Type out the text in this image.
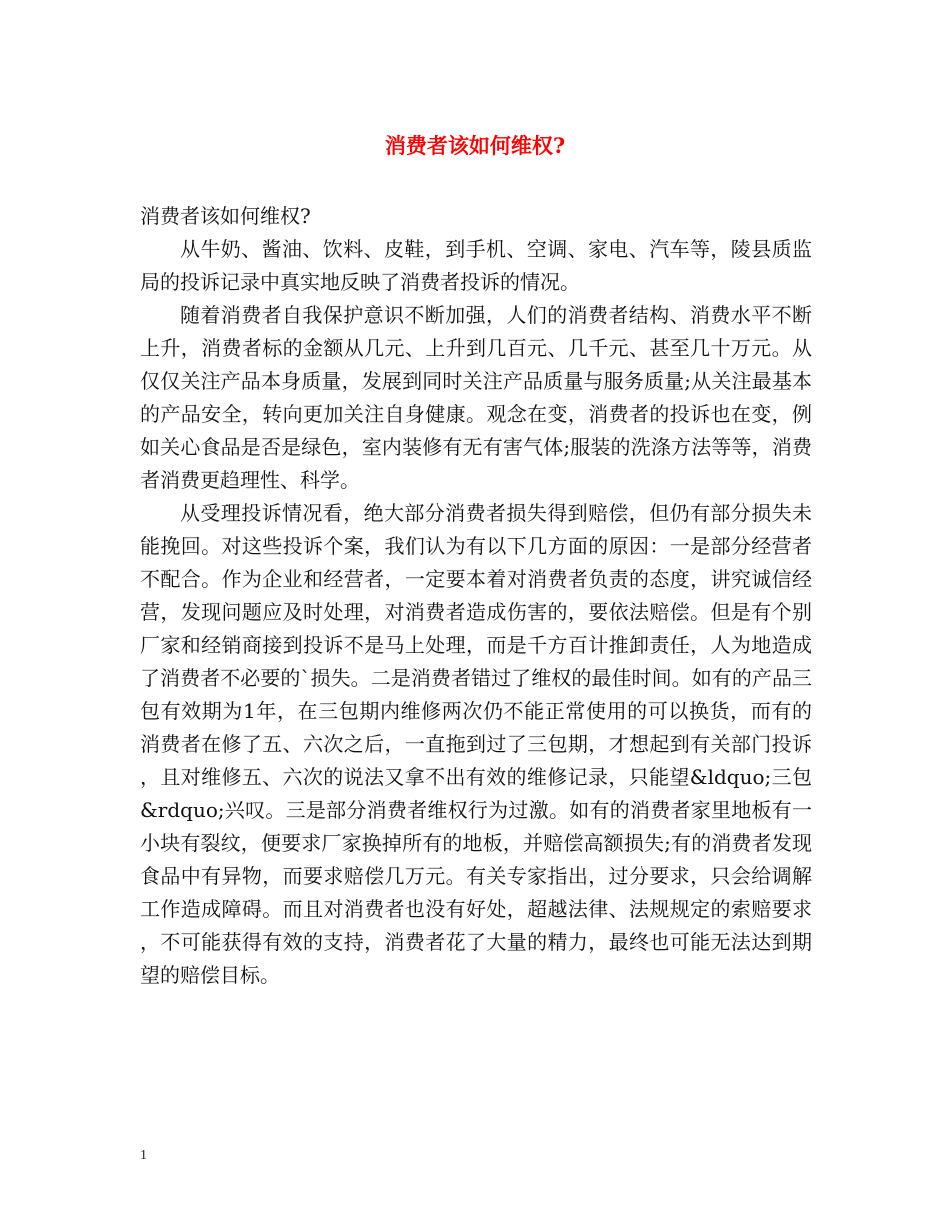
消费者该如何维权?

消费者该如何维权?

从牛奶、酱油、饮料、皮鞋，到手机、空调、家电、汽车等，陵县质监局的投诉记录中真实地反映了消费者投诉的情况。

随着消费者自我保护意识不断加强，人们的消费者结构、消费水平不断上升，消费者标的金额从几元、上升到几百元、几千元、甚至几十万元。从仅仅关注产品本身质量，发展到同时关注产品质量与服务质量;从关注最基本的产品安全，转向更加关注自身健康。观念在变，消费者的投诉也在变，例如关心食品是否是绿色，室内装修有无有害气体;服装的洗涤方法等等，消费者消费更趋理性、科学。

从受理投诉情况看，绝大部分消费者损失得到赔偿，但仍有部分损失未能挽回。对这些投诉个案，我们认为有以下几方面的原因：一是部分经营者不配合。作为企业和经营者，一定要本着对消费者负责的态度，讲究诚信经营，发现问题应及时处理，对消费者造成伤害的，要依法赔偿。但是有个别厂家和经销商接到投诉不是马上处理，而是千方百计推卸责任，人为地造成了消费者不必要的`损失。二是消费者错过了维权的最佳时间。如有的产品三包有效期为1年，在三包期内维修两次仍不能正常使用的可以换货，而有的消费者在修了五、六次之后，一直拖到过了三包期，才想起到有关部门投诉，且对维修五、六次的说法又拿不出有效的维修记录，只能望&ldquo;三包&rdquo;兴叹。三是部分消费者维权行为过激。如有的消费者家里地板有一小块有裂纹，便要求厂家换掉所有的地板，并赔偿高额损失;有的消费者发现食品中有异物，而要求赔偿几万元。有关专家指出，过分要求，只会给调解工作造成障碍。而且对消费者也没有好处，超越法律、法规规定的索赔要求，不可能获得有效的支持，消费者花了大量的精力，最终也可能无法达到期望的赔偿目标。

1
